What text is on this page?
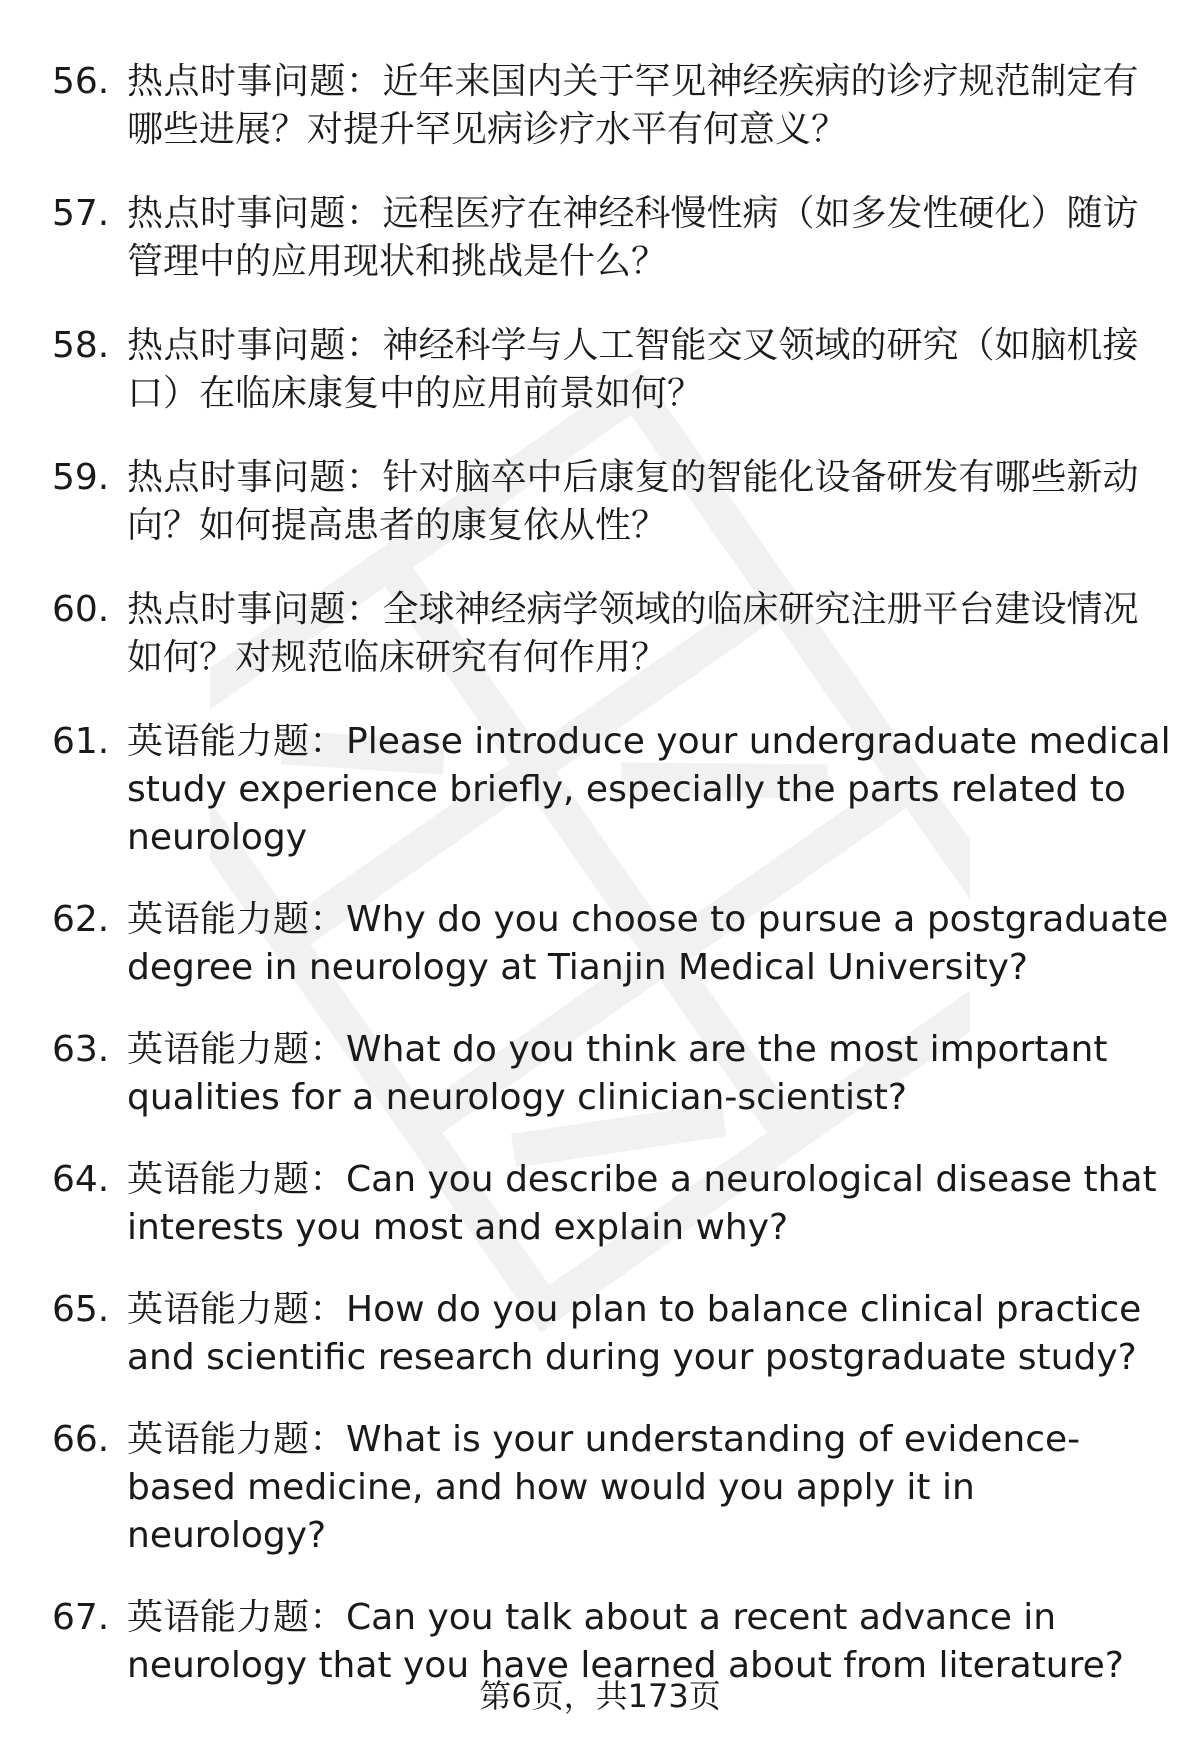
56. 热点时事问题：近年来国内关于罕见神经疾病的诊疗规范制定有哪些进展？对提升罕见病诊疗水平有何意义？
57. 热点时事问题：远程医疗在神经科慢性病（如多发性硬化）随访管理中的应用现状和挑战是什么？
58. 热点时事问题：神经科学与人工智能交叉领域的研究（如脑机接口）在临床康复中的应用前景如何？
59. 热点时事问题：针对脑卒中后康复的智能化设备研发有哪些新动向？如何提高患者的康复依从性？
60. 热点时事问题：全球神经病学领域的临床研究注册平台建设情况如何？对规范临床研究有何作用？
61. 英语能力题：Please introduce your undergraduate medical study experience briefly, especially the parts related to neurology
62. 英语能力题：Why do you choose to pursue a postgraduate degree in neurology at Tianjin Medical University?
63. 英语能力题：What do you think are the most important qualities for a neurology clinician-scientist?
64. 英语能力题：Can you describe a neurological disease that interests you most and explain why?
65. 英语能力题：How do you plan to balance clinical practice and scientific research during your postgraduate study?
66. 英语能力题：What is your understanding of evidence-based medicine, and how would you apply it in neurology?
67. 英语能力题：Can you talk about a recent advance in neurology that you have learned about from literature?
第6页，共173页
